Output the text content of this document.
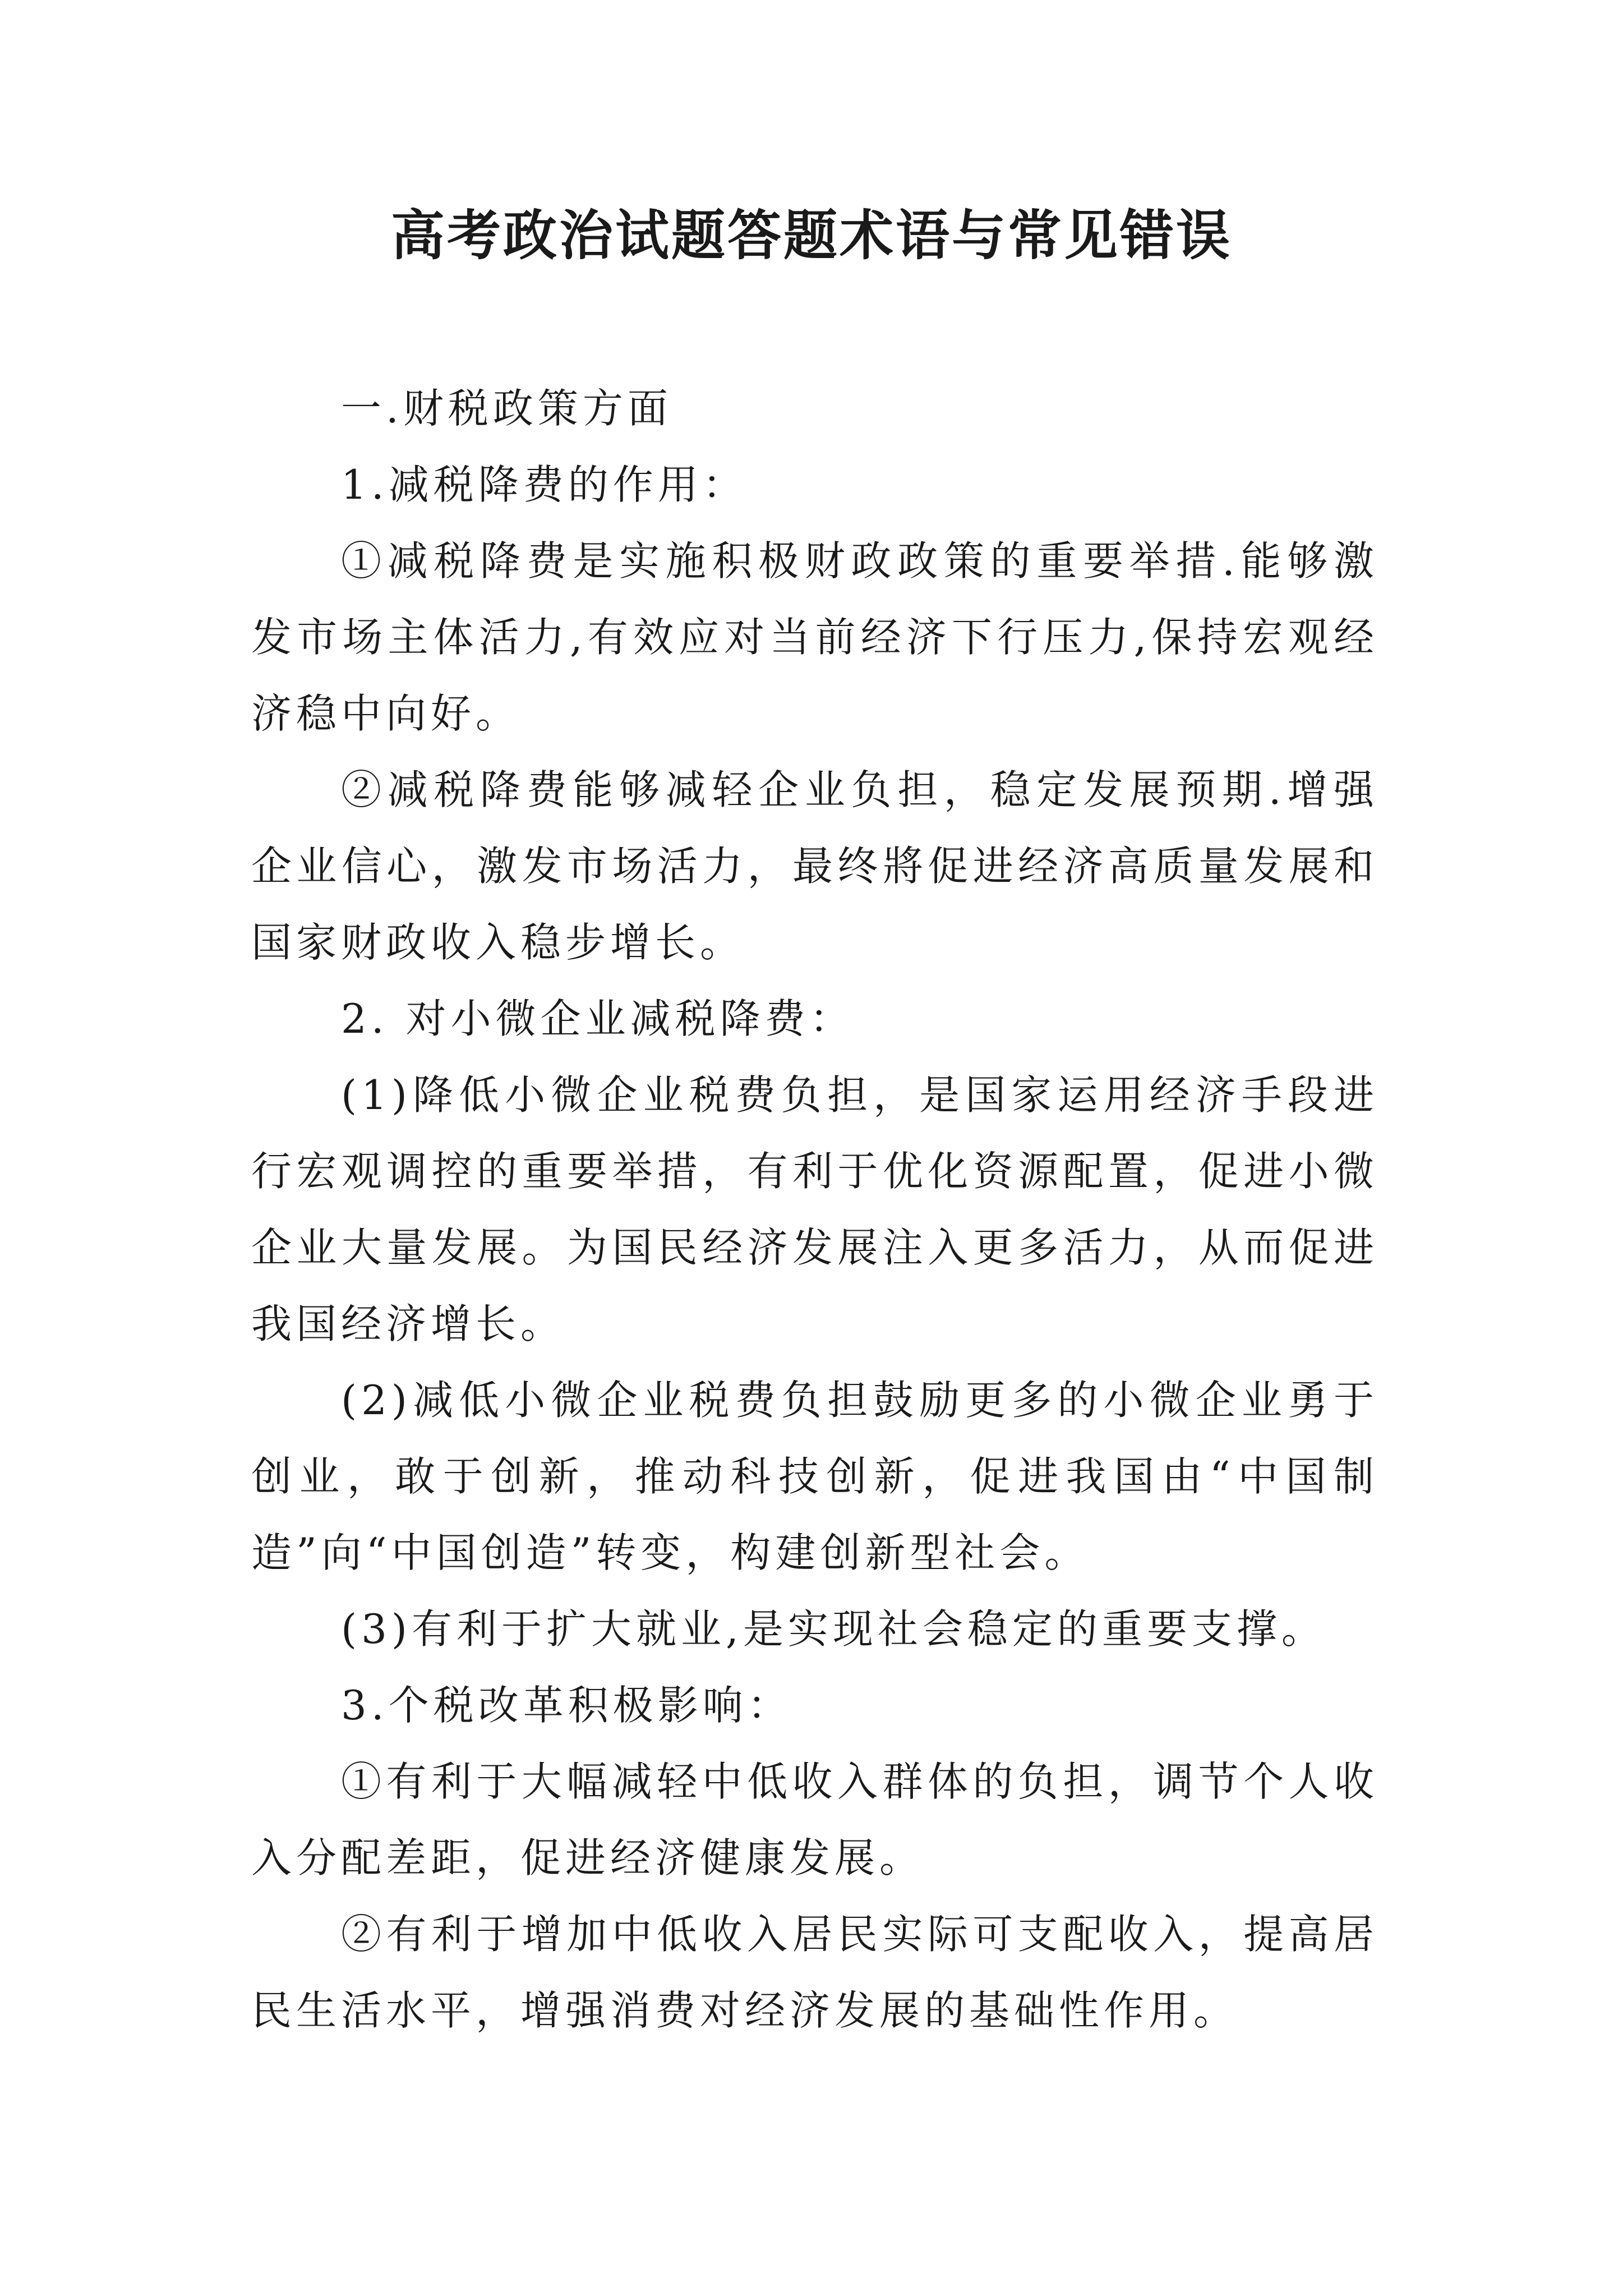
高考政治试题答题术语与常见错误

一.财税政策方面

1.减税降费的作用：

①减税降费是实施积极财政政策的重要举措.能够激发市场主体活力,有效应对当前经济下行压力,保持宏观经济稳中向好。

②减税降费能够减轻企业负担，稳定发展预期.增强企业信心，激发市场活力，最终將促进经济高质量发展和国家财政收入稳步增长。

2. 对小微企业减税降费：

(1)降低小微企业税费负担，是国家运用经济手段进行宏观调控的重要举措，有利于优化资源配置，促进小微企业大量发展。为国民经济发展注入更多活力，从而促进我国经济增长。

(2)减低小微企业税费负担鼓励更多的小微企业勇于创业，敢于创新，推动科技创新，促进我国由“中国制造”向“中国创造”转变，构建创新型社会。

(3)有利于扩大就业,是实现社会稳定的重要支撑。

3.个税改革积极影响：

①有利于大幅减轻中低收入群体的负担，调节个人收入分配差距，促进经济健康发展。

②有利于增加中低收入居民实际可支配收入，提高居民生活水平，增强消费对经济发展的基础性作用。
